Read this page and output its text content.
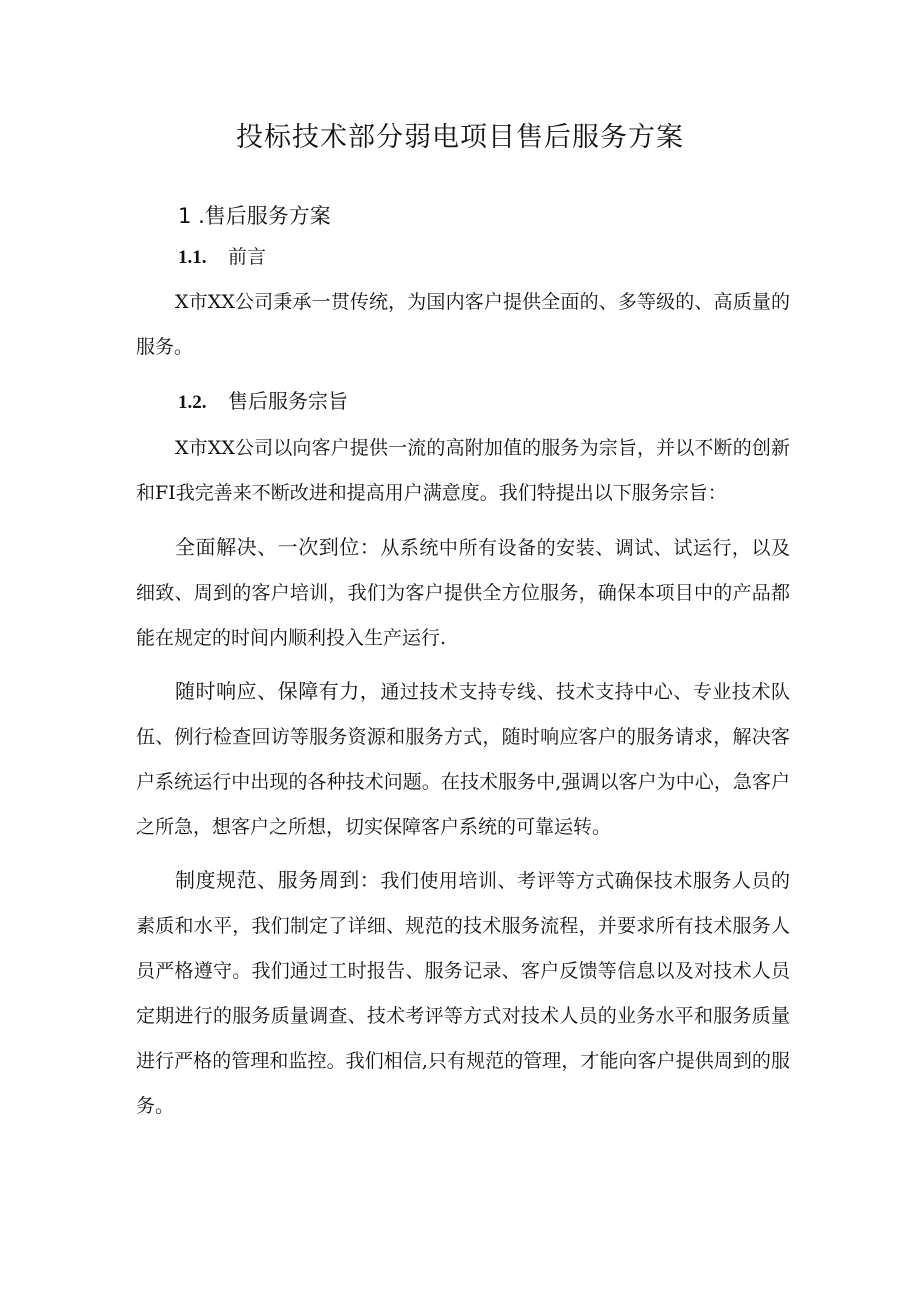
投标技术部分弱电项目售后服务方案
1 .售后服务方案
1.1. 前言

X市XX公司秉承一贯传统，为国内客户提供全面的、多等级的、高质量的服务。

1.2. 售后服务宗旨

X市XX公司以向客户提供一流的高附加值的服务为宗旨，并以不断的创新和FI我完善来不断改进和提高用户满意度。我们特提出以下服务宗旨：

全面解决、一次到位：从系统中所有设备的安装、调试、试运行，以及细致、周到的客户培训，我们为客户提供全方位服务，确保本项目中的产品都能在规定的时间内顺利投入生产运行.

随时响应、保障有力，通过技术支持专线、技术支持中心、专业技术队伍、例行检查回访等服务资源和服务方式，随时响应客户的服务请求，解决客户系统运行中出现的各种技术问题。在技术服务中,强调以客户为中心，急客户之所急，想客户之所想，切实保障客户系统的可靠运转。

制度规范、服务周到：我们使用培训、考评等方式确保技术服务人员的素质和水平，我们制定了详细、规范的技术服务流程，并要求所有技术服务人员严格遵守。我们通过工时报告、服务记录、客户反馈等信息以及对技术人员定期进行的服务质量调查、技术考评等方式对技术人员的业务水平和服务质量进行严格的管理和监控。我们相信,只有规范的管理，才能向客户提供周到的服务。
